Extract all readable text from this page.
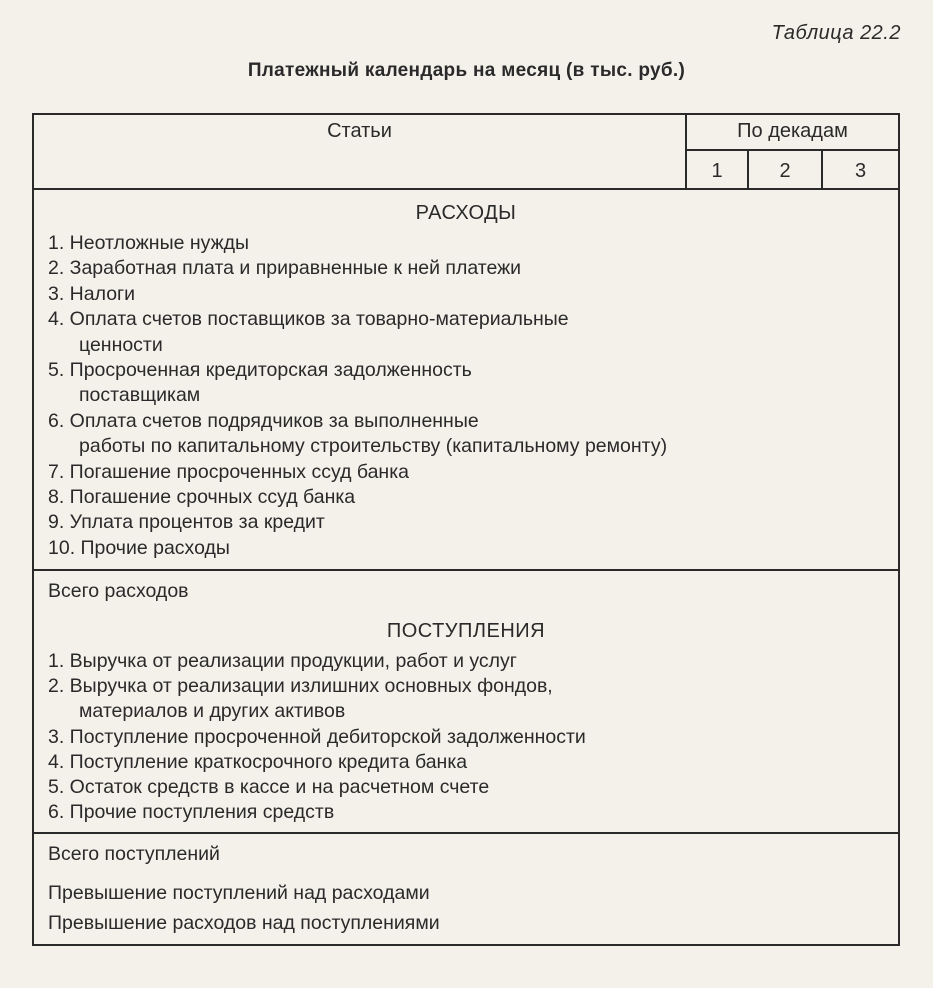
Таблица 22.2
Платежный календарь на месяц (в тыс. руб.)
Статьи	По декадам
1	2	3
РАСХОДЫ
1. Неотложные нужды
2. Заработная плата и приравненные к ней платежи
3. Налоги
4. Оплата счетов поставщиков за товарно-материальные
ценности
5. Просроченная кредиторская задолженность
поставщикам
6. Оплата счетов подрядчиков за выполненные
работы по капитальному строительству (капитальному ремонту)
7. Погашение просроченных ссуд банка
8. Погашение срочных ссуд банка
9. Уплата процентов за кредит
10. Прочие расходы
Всего расходов
ПОСТУПЛЕНИЯ
1. Выручка от реализации продукции, работ и услуг
2. Выручка от реализации излишних основных фондов,
материалов и других активов
3. Поступление просроченной дебиторской задолженности
4. Поступление краткосрочного кредита банка
5. Остаток средств в кассе и на расчетном счете
6. Прочие поступления средств
Всего поступлений
Превышение поступлений над расходами
Превышение расходов над поступлениями
